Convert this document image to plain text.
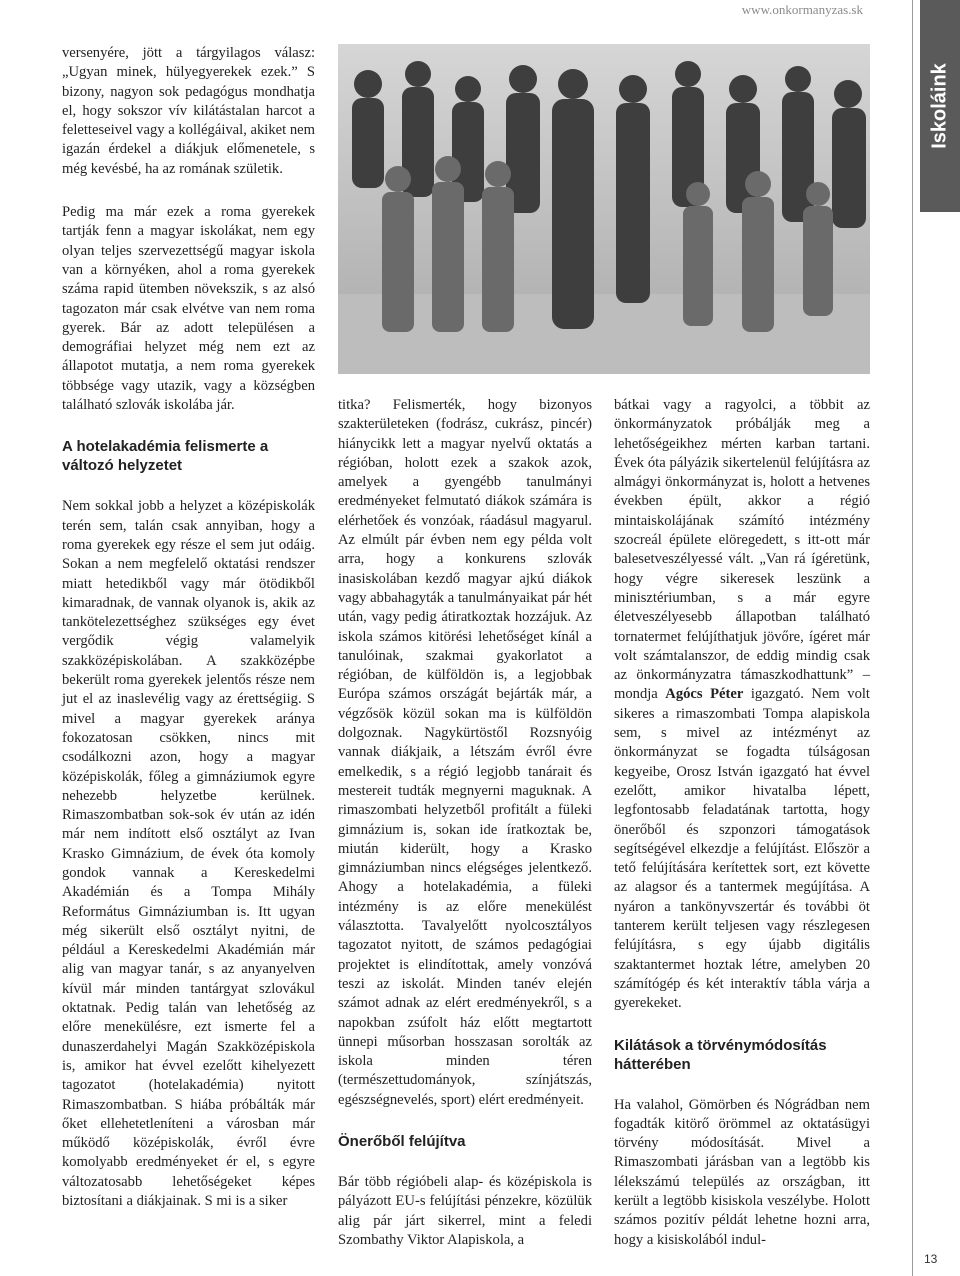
www.onkormanyzas.sk
Iskoláink

versenyére, jött a tárgyilagos válasz: „Ugyan minek, hülyegyerekek ezek.” S bizony, nagyon sok pedagógus mondhatja el, hogy sokszor vív kilátástalan harcot a feletteseivel vagy a kollégáival, akiket nem igazán érdekel a diákjuk előmenetele, s még kevésbé, ha az romának születik.

Pedig ma már ezek a roma gyerekek tartják fenn a magyar iskolákat, nem egy olyan teljes szervezettségű magyar iskola van a környéken, ahol a roma gyerekek száma rapid ütemben növekszik, s az alsó tagozaton már csak elvétve van nem roma gyerek. Bár az adott településen a demográfiai helyzet még nem ezt az állapotot mutatja, a nem roma gyerekek többsége vagy utazik, vagy a községben található szlovák iskolába jár.

A hotelakadémia felismerte a változó helyzetet

Nem sokkal jobb a helyzet a középiskolák terén sem, talán csak annyiban, hogy a roma gyerekek egy része el sem jut odáig. Sokan a nem megfelelő oktatási rendszer miatt hetedikből vagy már ötödikből kimaradnak, de vannak olyanok is, akik az tankötelezettséghez szükséges egy évet vergődik végig valamelyik szakközépiskolában. A szakközépbe bekerült roma gyerekek jelentős része nem jut el az inaslevélig vagy az érettségiig. S mivel a magyar gyerekek aránya fokozatosan csökken, nincs mit csodálkozni azon, hogy a magyar középiskolák, főleg a gimnáziumok egyre nehezebb helyzetbe kerülnek. Rimaszombatban sok-sok év után az idén már nem indított első osztályt az Ivan Krasko Gimnázium, de évek óta komoly gondok vannak a Kereskedelmi Akadémián és a Tompa Mihály Református Gimnáziumban is. Itt ugyan még sikerült első osztályt nyitni, de például a Kereskedelmi Akadémián már alig van magyar tanár, s az anyanyelven kívül már minden tantárgyat szlovákul oktatnak. Pedig talán van lehetőség az előre menekülésre, ezt ismerte fel a dunaszerdahelyi Magán Szakközépiskola is, amikor hat évvel ezelőtt kihelyezett tagozatot (hotelakadémia) nyitott Rimaszombatban. S hiába próbálták már őket ellehetetleníteni a városban már működő középiskolák, évről évre komolyabb eredményeket ér el, s egyre változatosabb lehetőségeket képes biztosítani a diákjainak. S mi is a siker

titka? Felismerték, hogy bizonyos szakterületeken (fodrász, cukrász, pincér) hiánycikk lett a magyar nyelvű oktatás a régióban, holott ezek a szakok azok, amelyek a gyengébb tanulmányi eredményeket felmutató diákok számára is elérhetőek és vonzóak, ráadásul magyarul. Az elmúlt pár évben nem egy példa volt arra, hogy a konkurens szlovák inasiskolában kezdő magyar ajkú diákok vagy abbahagyták a tanulmányaikat pár hét után, vagy pedig átiratkoztak hozzájuk. Az iskola számos kitörési lehetőséget kínál a tanulóinak, szakmai gyakorlatot a régióban, de külföldön is, a legjobbak Európa számos országát bejárták már, a végzősök közül sokan ma is külföldön dolgoznak. Nagykürtöstől Rozsnyóig vannak diákjaik, a létszám évről évre emelkedik, s a régió legjobb tanárait és mestereit tudták megnyerni maguknak. A rimaszombati helyzetből profitált a füleki gimnázium is, sokan ide íratkoztak be, miután kiderült, hogy a Krasko gimnáziumban nincs elégséges jelentkező. Ahogy a hotelakadémia, a füleki intézmény is az előre menekülést választotta. Tavalyelőtt nyolcosztályos tagozatot nyitott, de számos pedagógiai projektet is elindítottak, amely vonzóvá teszi az iskolát. Minden tanév elején számot adnak az elért eredményekről, s a napokban zsúfolt ház előtt megtartott ünnepi műsorban hosszasan sorolták az iskola minden téren (természettudományok, színjátszás, egészségnevelés, sport) elért eredményeit.

Önerőből felújítva

Bár több régióbeli alap- és középiskola is pályázott EU-s felújítási pénzekre, közülük alig pár járt sikerrel, mint a feledi Szombathy Viktor Alapiskola, a

bátkai vagy a ragyolci, a többit az önkormányzatok próbálják meg a lehetőségeikhez mérten karban tartani. Évek óta pályázik sikertelenül felújításra az almágyi önkormányzat is, holott a hetvenes években épült, akkor a régió mintaiskolájának számító intézmény szocreál épülete elöregedett, s itt-ott már balesetveszélyessé vált. „Van rá ígéretünk, hogy végre sikeresek leszünk a minisztériumban, s a már egyre életveszélyesebb állapotban található tornatermet felújíthatjuk jövőre, ígéret már volt számtalanszor, de eddig mindig csak az önkormányzatra támaszkodhattunk” – mondja Agócs Péter igazgató. Nem volt sikeres a rimaszombati Tompa alapiskola sem, s mivel az intézményt az önkormányzat se fogadta túlságosan kegyeibe, Orosz István igazgató hat évvel ezelőtt, amikor hivatalba lépett, legfontosabb feladatának tartotta, hogy önerőből és szponzori támogatások segítségével elkezdje a felújítást. Először a tető felújítására kerítettek sort, ezt követte az alagsor és a tantermek megújítása. A nyáron a tankönyvszertár és további öt tanterem került teljesen vagy részlegesen felújításra, s egy újabb digitális szaktantermet hoztak létre, amelyben 20 számítógép és két interaktív tábla várja a gyerekeket.

Kilátások a törvénymódosítás hátterében

Ha valahol, Gömörben és Nógrádban nem fogadták kitörő örömmel az oktatásügyi törvény módosítását. Mivel a Rimaszombati járásban van a legtöbb kis lélekszámú település az országban, itt került a legtöbb kisiskola veszélybe. Holott számos pozitív példát lehetne hozni arra, hogy a kisiskolából indul-

13
